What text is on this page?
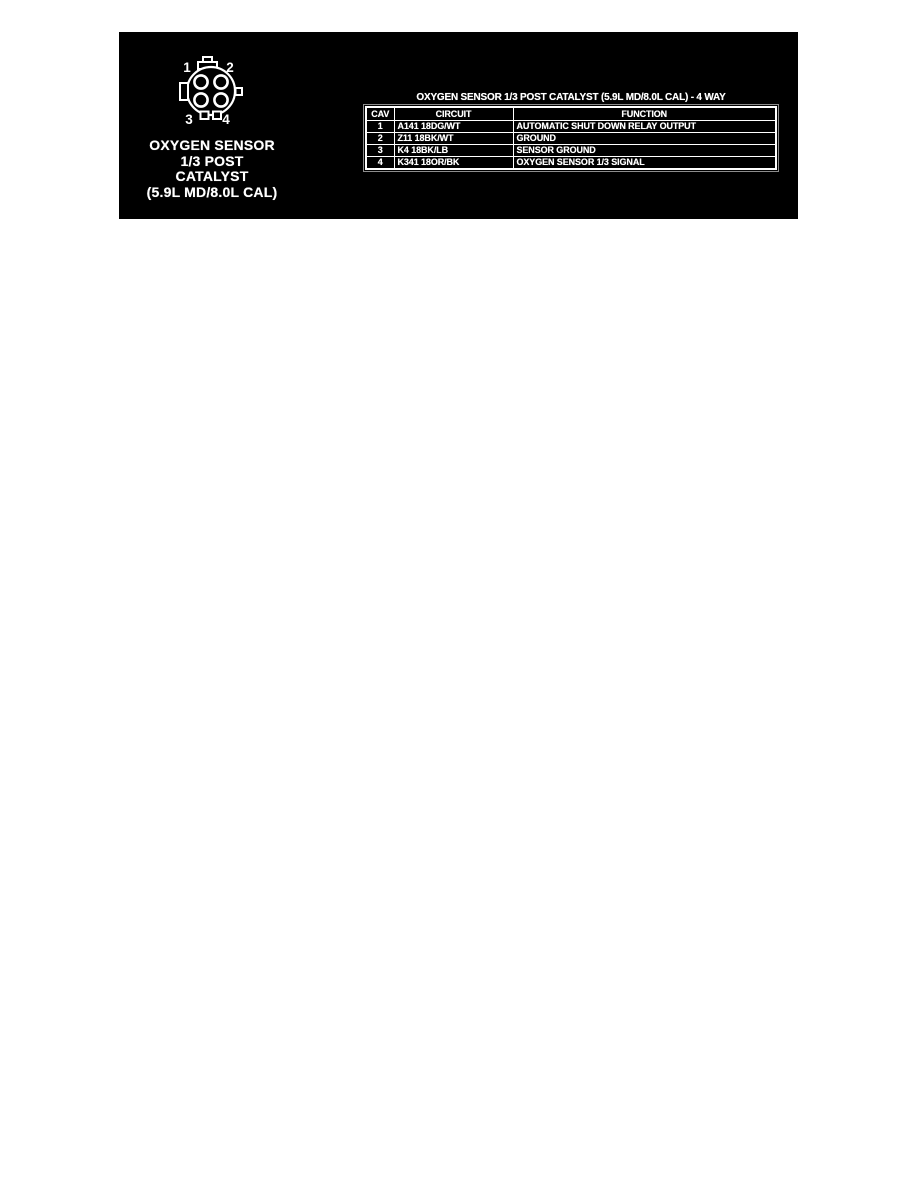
1	2
3 4
OXYGEN SENSOR
1/3 POST
CATALYST
(5.9L MD/8.0L CAL)
OXYGEN SENSOR 1/3 POST CATALYST (5.9L MD/8.0L CAL) - 4 WAY
CAV	CIRCUIT	FUNCTION
1	A141 18DG/WT	AUTOMATIC SHUT DOWN RELAY OUTPUT
2	Z11 18BK/WT	GROUND
3	K4 18BK/LB	SENSOR GROUND
4	K341 18OR/BK	OXYGEN SENSOR 1/3 SIGNAL
